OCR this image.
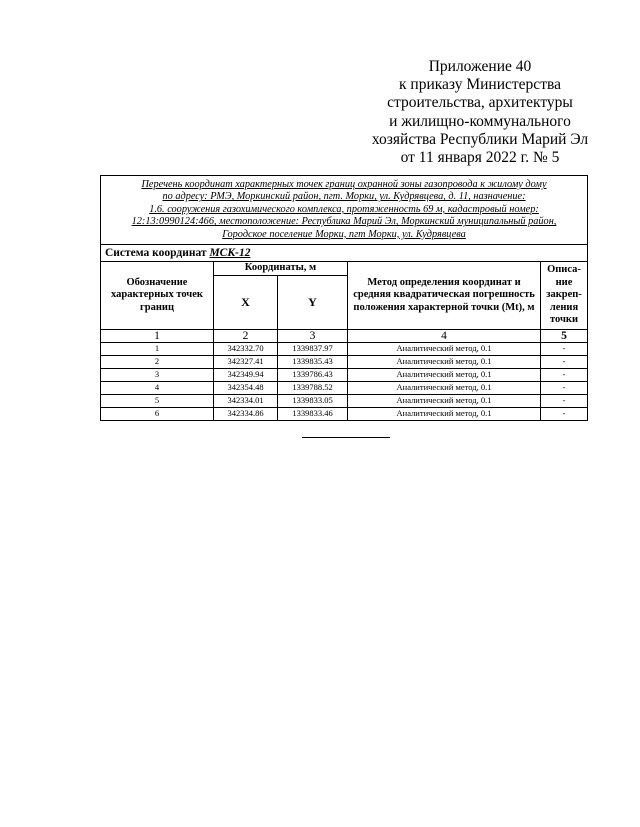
Приложение 40
к приказу Министерства
строительства, архитектуры
и жилищно-коммунального
хозяйства Республики Марий Эл
от 11 января 2022 г. № 5
Перечень координат характерных точек границ охранной зоны газопровода к жилому дому
по адресу: РМЭ, Моркинский район, пгт. Морки, ул. Кудрявцева, д. 11, назначение:
1.6. сооружения газохимического комплекса, протяженность 69 м, кадастровый номер:
12:13:0990124:466, местоположение: Республика Марий Эл, Моркинский муниципальный район,
Городское поселение Морки, пгт Морки, ул. Кудрявцева				

Система координат МСК-12				
Обозначение характерных точек границ	Координаты, м		Метод определения координат и средняя квадратическая погрешность положения характерной точки (Mt), м	Описа-ние закреп-ления точки
	X	Y		
1	2	3	4	5
1	342332.70	1339837.97	Аналитический метод, 0.1	-
2	342327.41	1339835.43	Аналитический метод, 0.1	-
3	342349.94	1339786.43	Аналитический метод, 0.1	-
4	342354.48	1339788.52	Аналитический метод, 0.1	-
5	342334.01	1339833.05	Аналитический метод, 0.1	-
6	342334.86	1339833.46	Аналитический метод, 0.1	-
